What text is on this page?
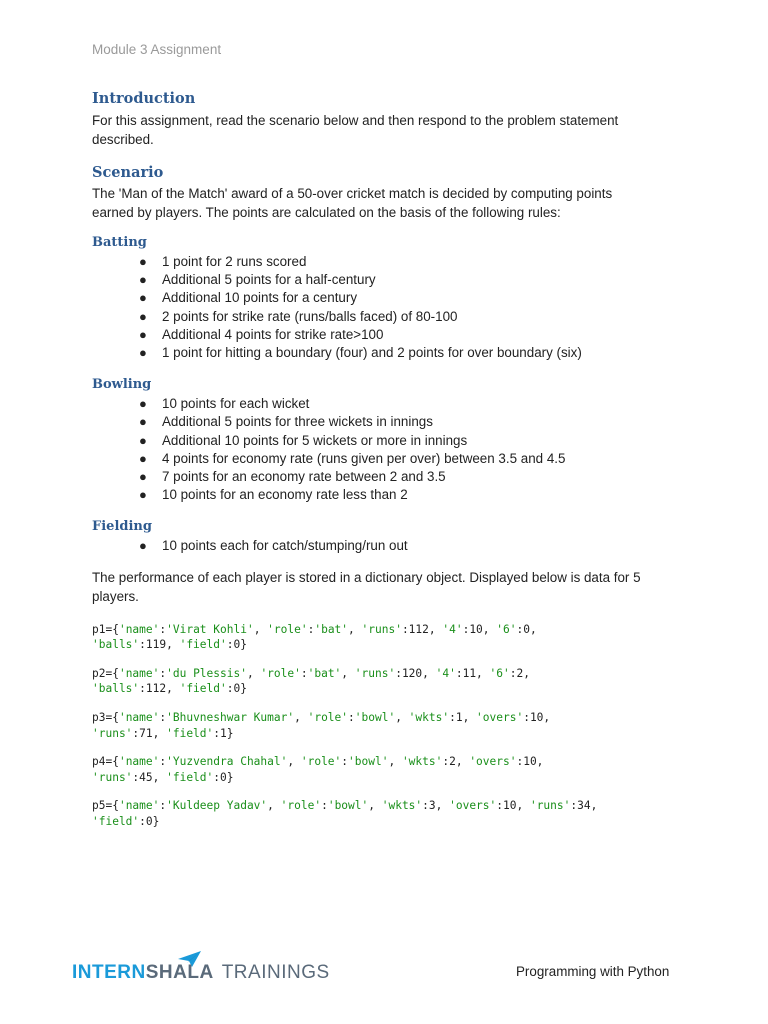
Module 3 Assignment
Introduction

For this assignment, read the scenario below and then respond to the problem statement
described.

Scenario

The 'Man of the Match' award of a 50-over cricket match is decided by computing points
earned by players. The points are calculated on the basis of the following rules:

Batting
● 1 point for 2 runs scored
● Additional 5 points for a half-century
● Additional 10 points for a century
● 2 points for strike rate (runs/balls faced) of 80-100
● Additional 4 points for strike rate>100
● 1 point for hitting a boundary (four) and 2 points for over boundary (six)
Bowling
● 10 points for each wicket
● Additional 5 points for three wickets in innings
● Additional 10 points for 5 wickets or more in innings
● 4 points for economy rate (runs given per over) between 3.5 and 4.5
● 7 points for an economy rate between 2 and 3.5
● 10 points for an economy rate less than 2
Fielding
● 10 points each for catch/stumping/run out

The performance of each player is stored in a dictionary object. Displayed below is data for 5
players.

p1={'name':'Virat Kohli', 'role':'bat', 'runs':112, '4':10, '6':0,
'balls':119, 'field':0}
p2={'name':'du Plessis', 'role':'bat', 'runs':120, '4':11, '6':2,
'balls':112, 'field':0}
p3={'name':'Bhuvneshwar Kumar', 'role':'bowl', 'wkts':1, 'overs':10,
'runs':71, 'field':1}
p4={'name':'Yuzvendra Chahal', 'role':'bowl', 'wkts':2, 'overs':10,
'runs':45, 'field':0}
p5={'name':'Kuldeep Yadav', 'role':'bowl', 'wkts':3, 'overs':10, 'runs':34,
'field':0}
INTERNSHALA TRAININGS	Programming with Python
